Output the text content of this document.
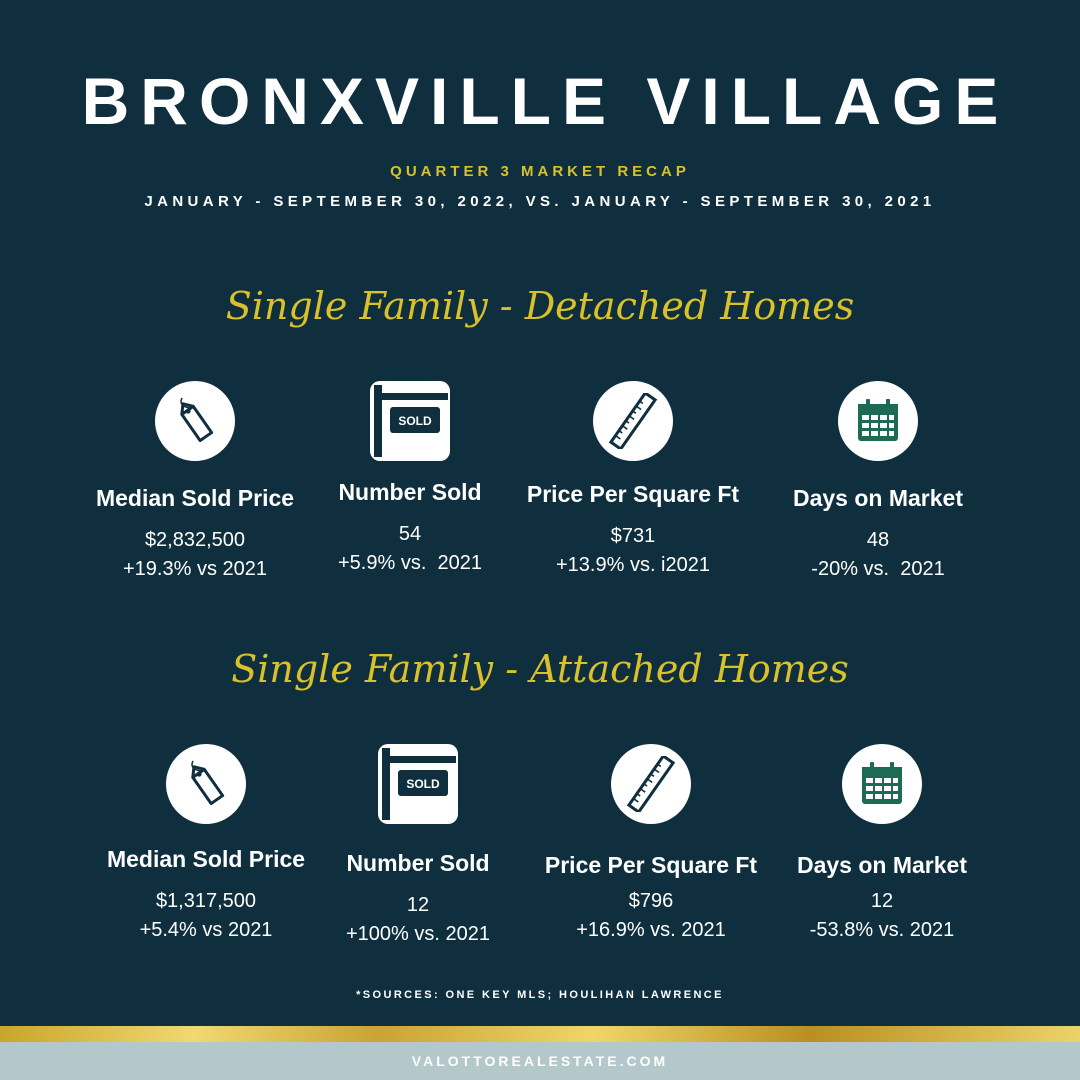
BRONXVILLE VILLAGE
QUARTER 3 MARKET RECAP
JANUARY - SEPTEMBER 30, 2022, VS. JANUARY - SEPTEMBER 30, 2021
Single Family - Detached Homes
Median Sold Price
$2,832,500
+19.3% vs 2021
SOLD
Number Sold
54
+5.9% vs.  2021
Price Per Square Ft
$731
+13.9% vs. i2021
Days on Market
48
-20% vs.  2021
Single Family - Attached Homes
Median Sold Price
$1,317,500
+5.4% vs 2021
SOLD
Number Sold
12
+100% vs. 2021
Price Per Square Ft
$796
+16.9% vs. 2021
Days on Market
12
-53.8% vs. 2021
*SOURCES: ONE KEY MLS; HOULIHAN LAWRENCE
VALOTTOREALESTATE.COM
